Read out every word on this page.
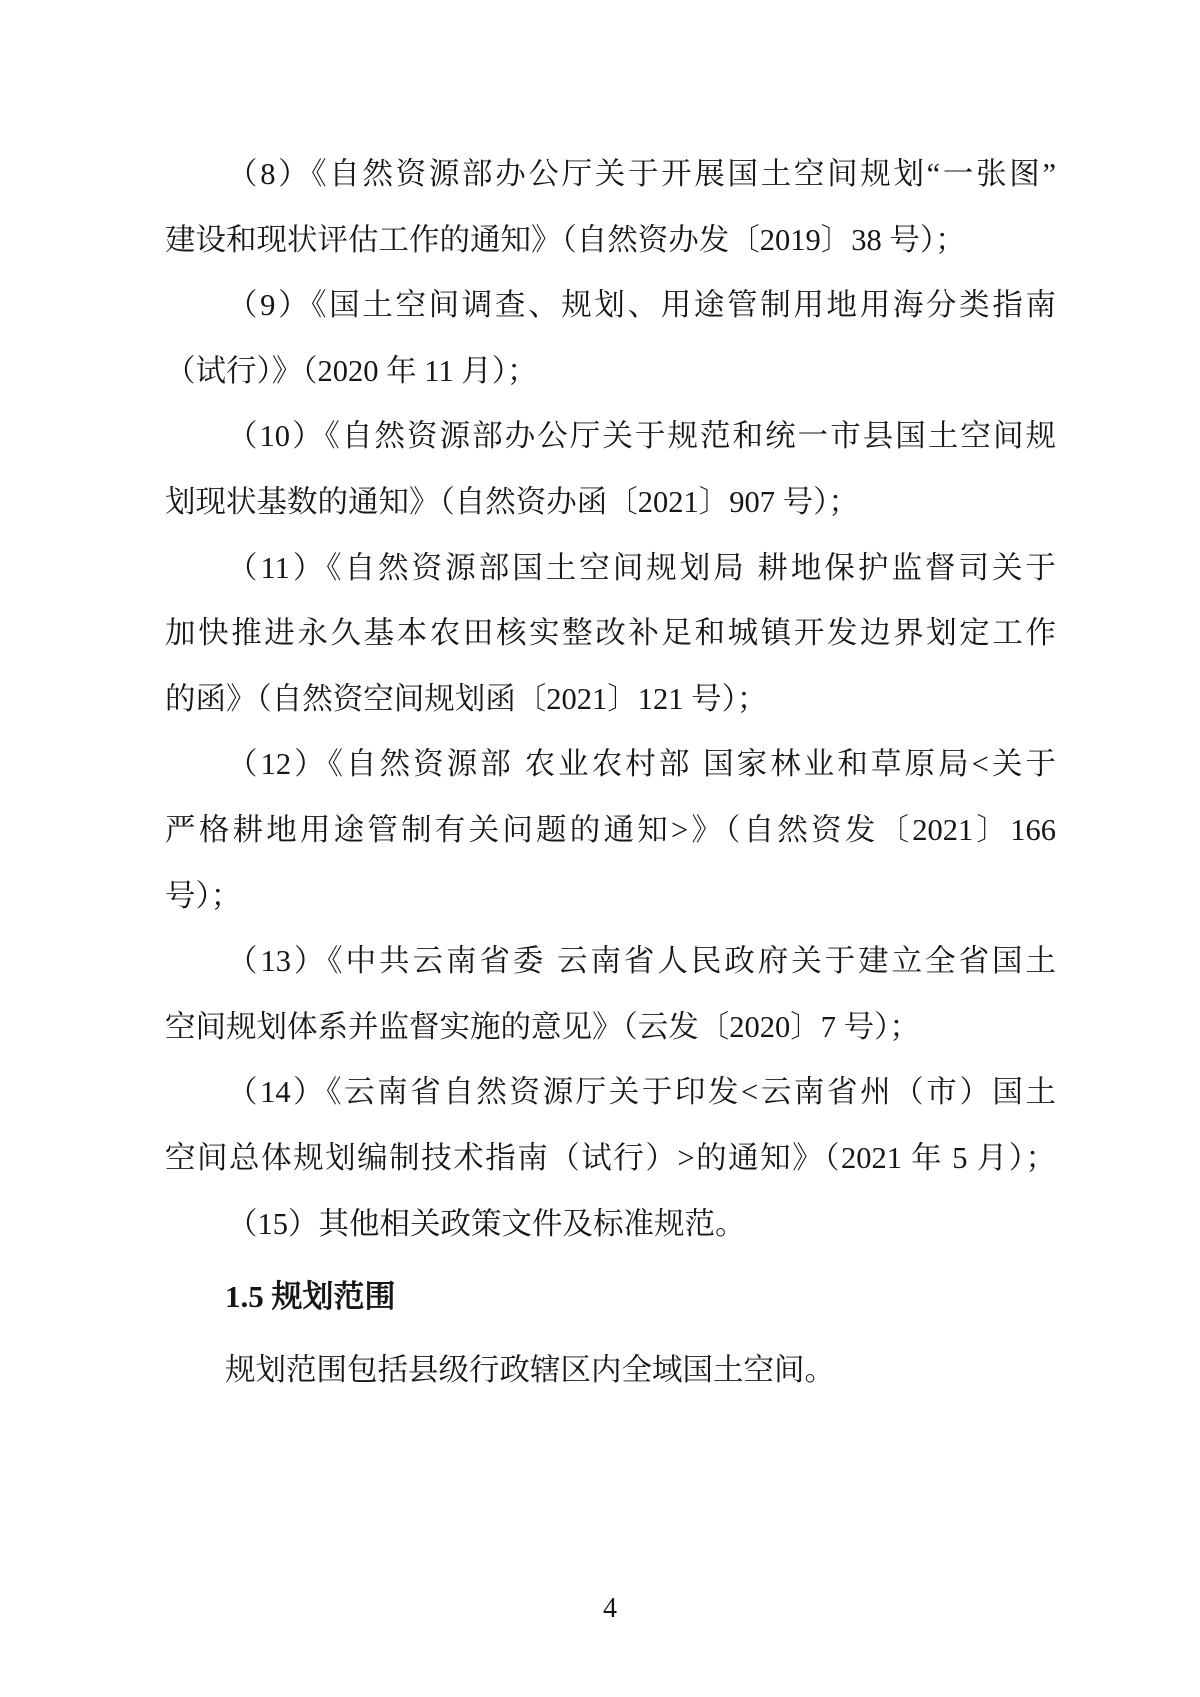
（8）《自然资源部办公厅关于开展国土空间规划“一张图”
建设和现状评估工作的通知》（自然资办发〔2019〕38 号）；
（9）《国土空间调查、规划、用途管制用地用海分类指南
（试行）》（2020 年 11 月）；
（10）《自然资源部办公厅关于规范和统一市县国土空间规
划现状基数的通知》（自然资办函〔2021〕907 号）；
（11）《自然资源部国土空间规划局 耕地保护监督司关于
加快推进永久基本农田核实整改补足和城镇开发边界划定工作
的函》（自然资空间规划函〔2021〕121 号）；
（12）《自然资源部 农业农村部 国家林业和草原局<关于
严格耕地用途管制有关问题的通知>》（自然资发〔2021〕166
号）；
（13）《中共云南省委 云南省人民政府关于建立全省国土
空间规划体系并监督实施的意见》（云发〔2020〕7 号）；
（14）《云南省自然资源厅关于印发<云南省州（市）国土
空间总体规划编制技术指南（试行）>的通知》（2021 年 5 月）；
（15）其他相关政策文件及标准规范。
1.5 规划范围
规划范围包括县级行政辖区内全域国土空间。
4
